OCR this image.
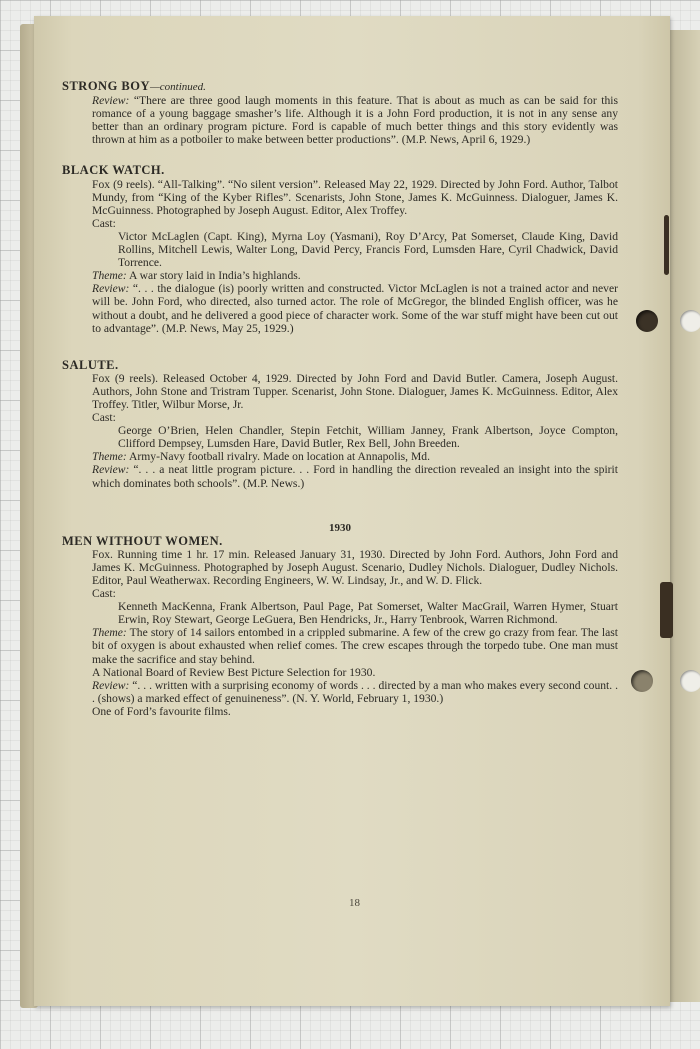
STRONG BOY—continued.

Review: “There are three good laugh moments in this feature. That is about as much as can be said for this romance of a young baggage smasher’s life. Although it is a John Ford production, it is not in any sense any better than an ordinary program picture. Ford is capable of much better things and this story evidently was thrown at him as a potboiler to make between better productions”. (M.P. News, April 6, 1929.)

BLACK WATCH.

Fox (9 reels). “All-Talking”. “No silent version”. Released May 22, 1929. Directed by John Ford. Author, Talbot Mundy, from “King of the Kyber Rifles”. Scenarists, John Stone, James K. McGuinness. Dialoguer, James K. McGuinness. Photographed by Joseph August. Editor, Alex Troffey.

Cast:

Victor McLaglen (Capt. King), Myrna Loy (Yasmani), Roy D’Arcy, Pat Somerset, Claude King, David Rollins, Mitchell Lewis, Walter Long, David Percy, Francis Ford, Lumsden Hare, Cyril Chadwick, David Torrence.

Theme: A war story laid in India’s highlands.

Review: “. . . the dialogue (is) poorly written and constructed. Victor McLaglen is not a trained actor and never will be. John Ford, who directed, also turned actor. The role of McGregor, the blinded English officer, was he without a doubt, and he delivered a good piece of character work. Some of the war stuff might have been cut out to advantage”. (M.P. News, May 25, 1929.)

SALUTE.

Fox (9 reels). Released October 4, 1929. Directed by John Ford and David Butler. Camera, Joseph August. Authors, John Stone and Tristram Tupper. Scenarist, John Stone. Dialoguer, James K. McGuinness. Editor, Alex Troffey. Titler, Wilbur Morse, Jr.

Cast:

George O’Brien, Helen Chandler, Stepin Fetchit, William Janney, Frank Albertson, Joyce Compton, Clifford Dempsey, Lumsden Hare, David Butler, Rex Bell, John Breeden.

Theme: Army-Navy football rivalry. Made on location at Annapolis, Md.

Review: “. . . a neat little program picture. . . Ford in handling the direction revealed an insight into the spirit which dominates both schools”. (M.P. News.)

1930

MEN WITHOUT WOMEN.

Fox. Running time 1 hr. 17 min. Released January 31, 1930. Directed by John Ford. Authors, John Ford and James K. McGuinness. Photographed by Joseph August. Scenario, Dudley Nichols. Dialoguer, Dudley Nichols. Editor, Paul Weatherwax. Recording Engineers, W. W. Lindsay, Jr., and W. D. Flick.

Cast:

Kenneth MacKenna, Frank Albertson, Paul Page, Pat Somerset, Walter MacGrail, Warren Hymer, Stuart Erwin, Roy Stewart, George LeGuera, Ben Hendricks, Jr., Harry Tenbrook, Warren Richmond.

Theme: The story of 14 sailors entombed in a crippled submarine. A few of the crew go crazy from fear. The last bit of oxygen is about exhausted when relief comes. The crew escapes through the torpedo tube. One man must make the sacrifice and stay behind.

A National Board of Review Best Picture Selection for 1930.

Review: “. . . written with a surprising economy of words . . . directed by a man who makes every second count. . . (shows) a marked effect of genuineness”. (N. Y. World, February 1, 1930.)

One of Ford’s favourite films.

18
